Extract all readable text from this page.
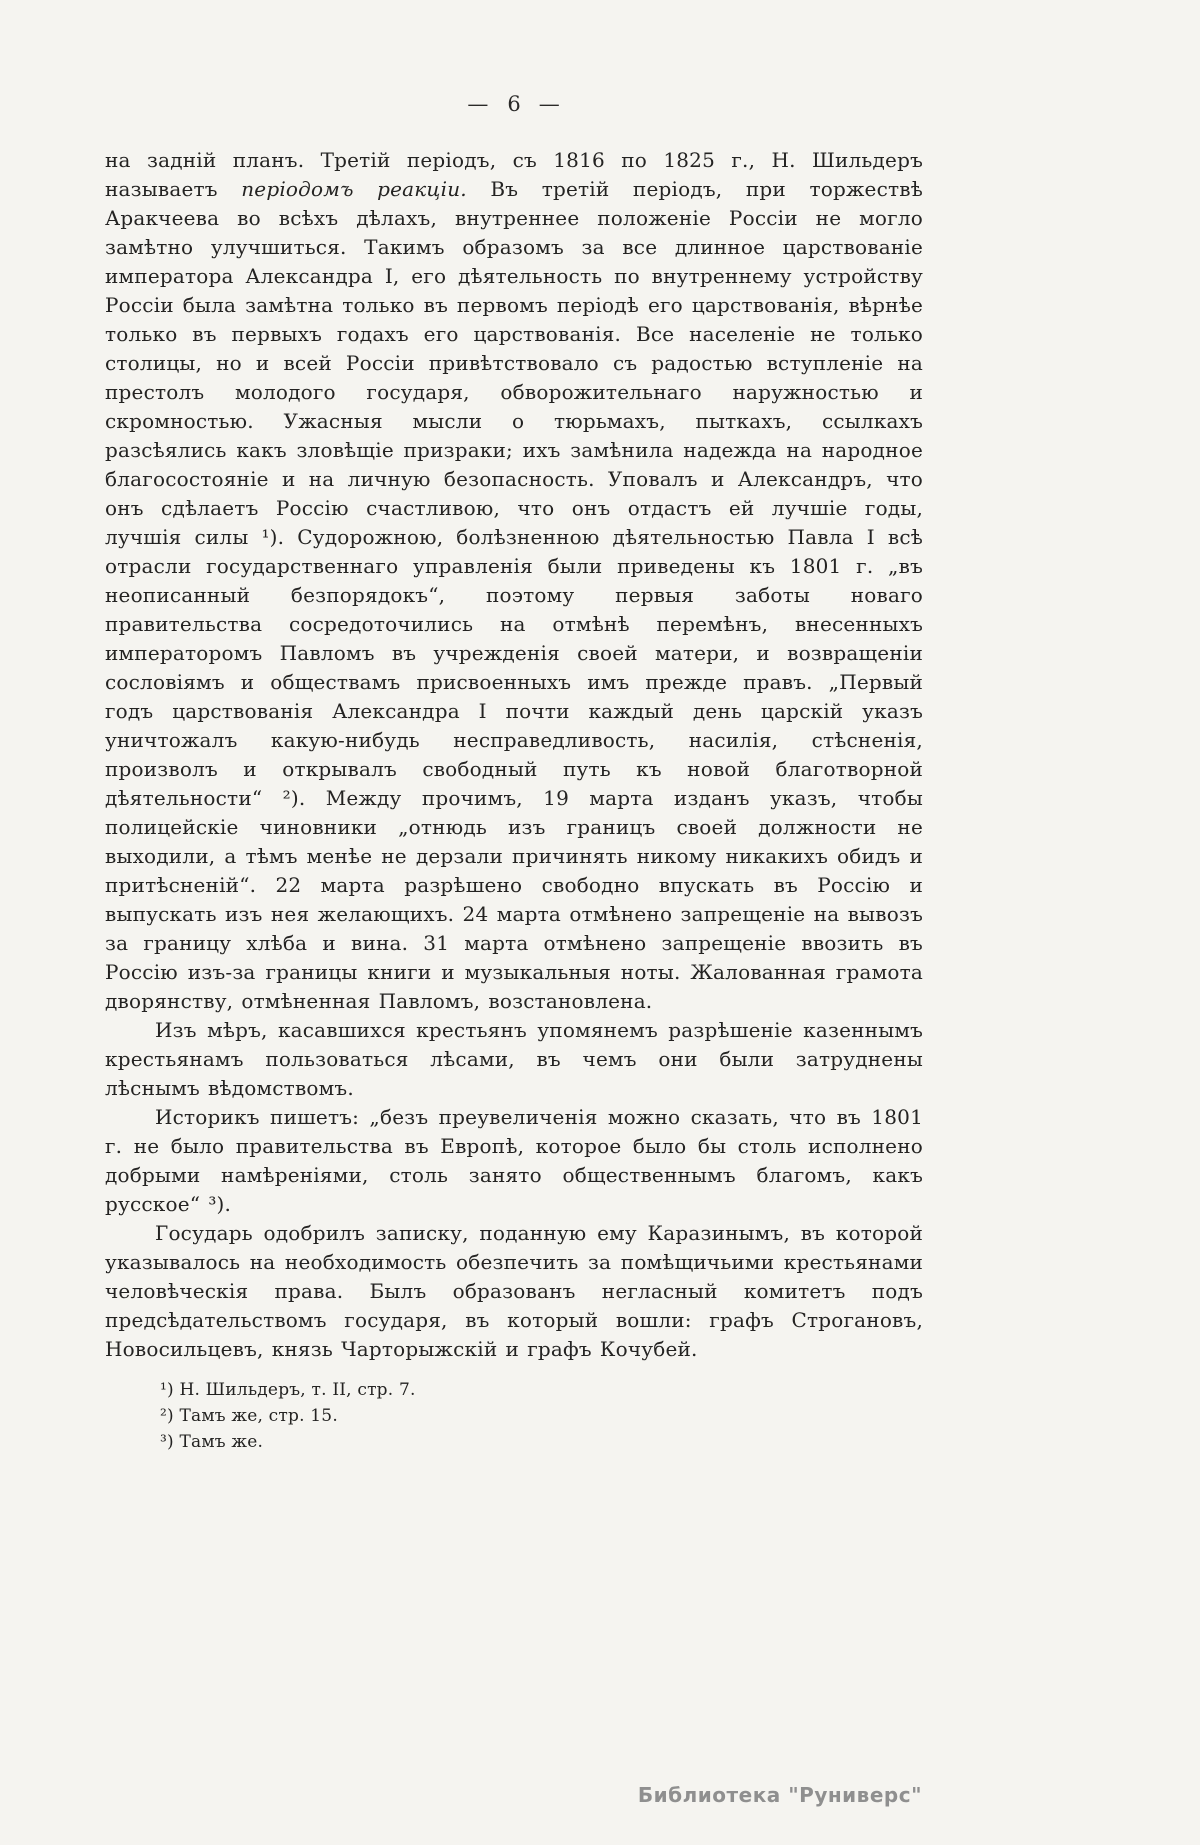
— 6 —

на задній планъ. Третій періодъ, съ 1816 по 1825 г., Н. Шильдеръ называетъ періодомъ реакціи. Въ третій періодъ, при торжествѣ Аракчеева во всѣхъ дѣлахъ, внутреннее положеніе Россіи не могло замѣтно улучшиться. Такимъ образомъ за все длинное царствованіе императора Александра I, его дѣятельность по внутреннему устройству Россіи была замѣтна только въ первомъ періодѣ его царствованія, вѣрнѣе только въ первыхъ годахъ его царствованія. Все населеніе не только столицы, но и всей Россіи привѣтствовало съ радостью вступленіе на престолъ молодого государя, обворожительнаго наружностью и скромностью. Ужасныя мысли о тюрьмахъ, пыткахъ, ссылкахъ разсѣялись какъ зловѣщіе призраки; ихъ замѣнила надежда на народное благосостояніе и на личную безопасность. Уповалъ и Александръ, что онъ сдѣлаетъ Россію счастливою, что онъ отдастъ ей лучшіе годы, лучшія силы ¹). Судорожною, болѣзненною дѣятельностью Павла I всѣ отрасли государственнаго управленія были приведены къ 1801 г. „въ неописанный безпорядокъ“, поэтому первыя заботы новаго правительства сосредоточились на отмѣнѣ перемѣнъ, внесенныхъ императоромъ Павломъ въ учрежденія своей матери, и возвращеніи сословіямъ и обществамъ присвоенныхъ имъ прежде правъ. „Первый годъ царствованія Александра I почти каждый день царскій указъ уничтожалъ какую-нибудь несправедливость, насилія, стѣсненія, произволъ и открывалъ свободный путь къ новой благотворной дѣятельности“ ²). Между прочимъ, 19 марта изданъ указъ, чтобы полицейскіе чиновники „отнюдь изъ границъ своей должности не выходили, а тѣмъ менѣе не дерзали причинять никому никакихъ обидъ и притѣсненій“. 22 марта разрѣшено свободно впускать въ Россію и выпускать изъ нея желающихъ. 24 марта отмѣнено запрещеніе на вывозъ за границу хлѣба и вина. 31 марта отмѣнено запрещеніе ввозить въ Россію изъ-за границы книги и музыкальныя ноты. Жалованная грамота дворянству, отмѣненная Павломъ, возстановлена.

Изъ мѣръ, касавшихся крестьянъ упомянемъ разрѣшеніе казеннымъ крестьянамъ пользоваться лѣсами, въ чемъ они были затруднены лѣснымъ вѣдомствомъ.

Историкъ пишетъ: „безъ преувеличенія можно сказать, что въ 1801 г. не было правительства въ Европѣ, которое было бы столь исполнено добрыми намѣреніями, столь занято общественнымъ благомъ, какъ русское“ ³).

Государь одобрилъ записку, поданную ему Каразинымъ, въ которой указывалось на необходимость обезпечить за помѣщичьими крестьянами человѣческія права. Былъ образованъ негласный комитетъ подъ предсѣдательствомъ государя, въ который вошли: графъ Строгановъ, Новосильцевъ, князь Чарторыжскій и графъ Кочубей.

¹) Н. Шильдеръ, т. II, стр. 7.

²) Тамъ же, стр. 15.

³) Тамъ же.

Библиотека "Руниверс"
